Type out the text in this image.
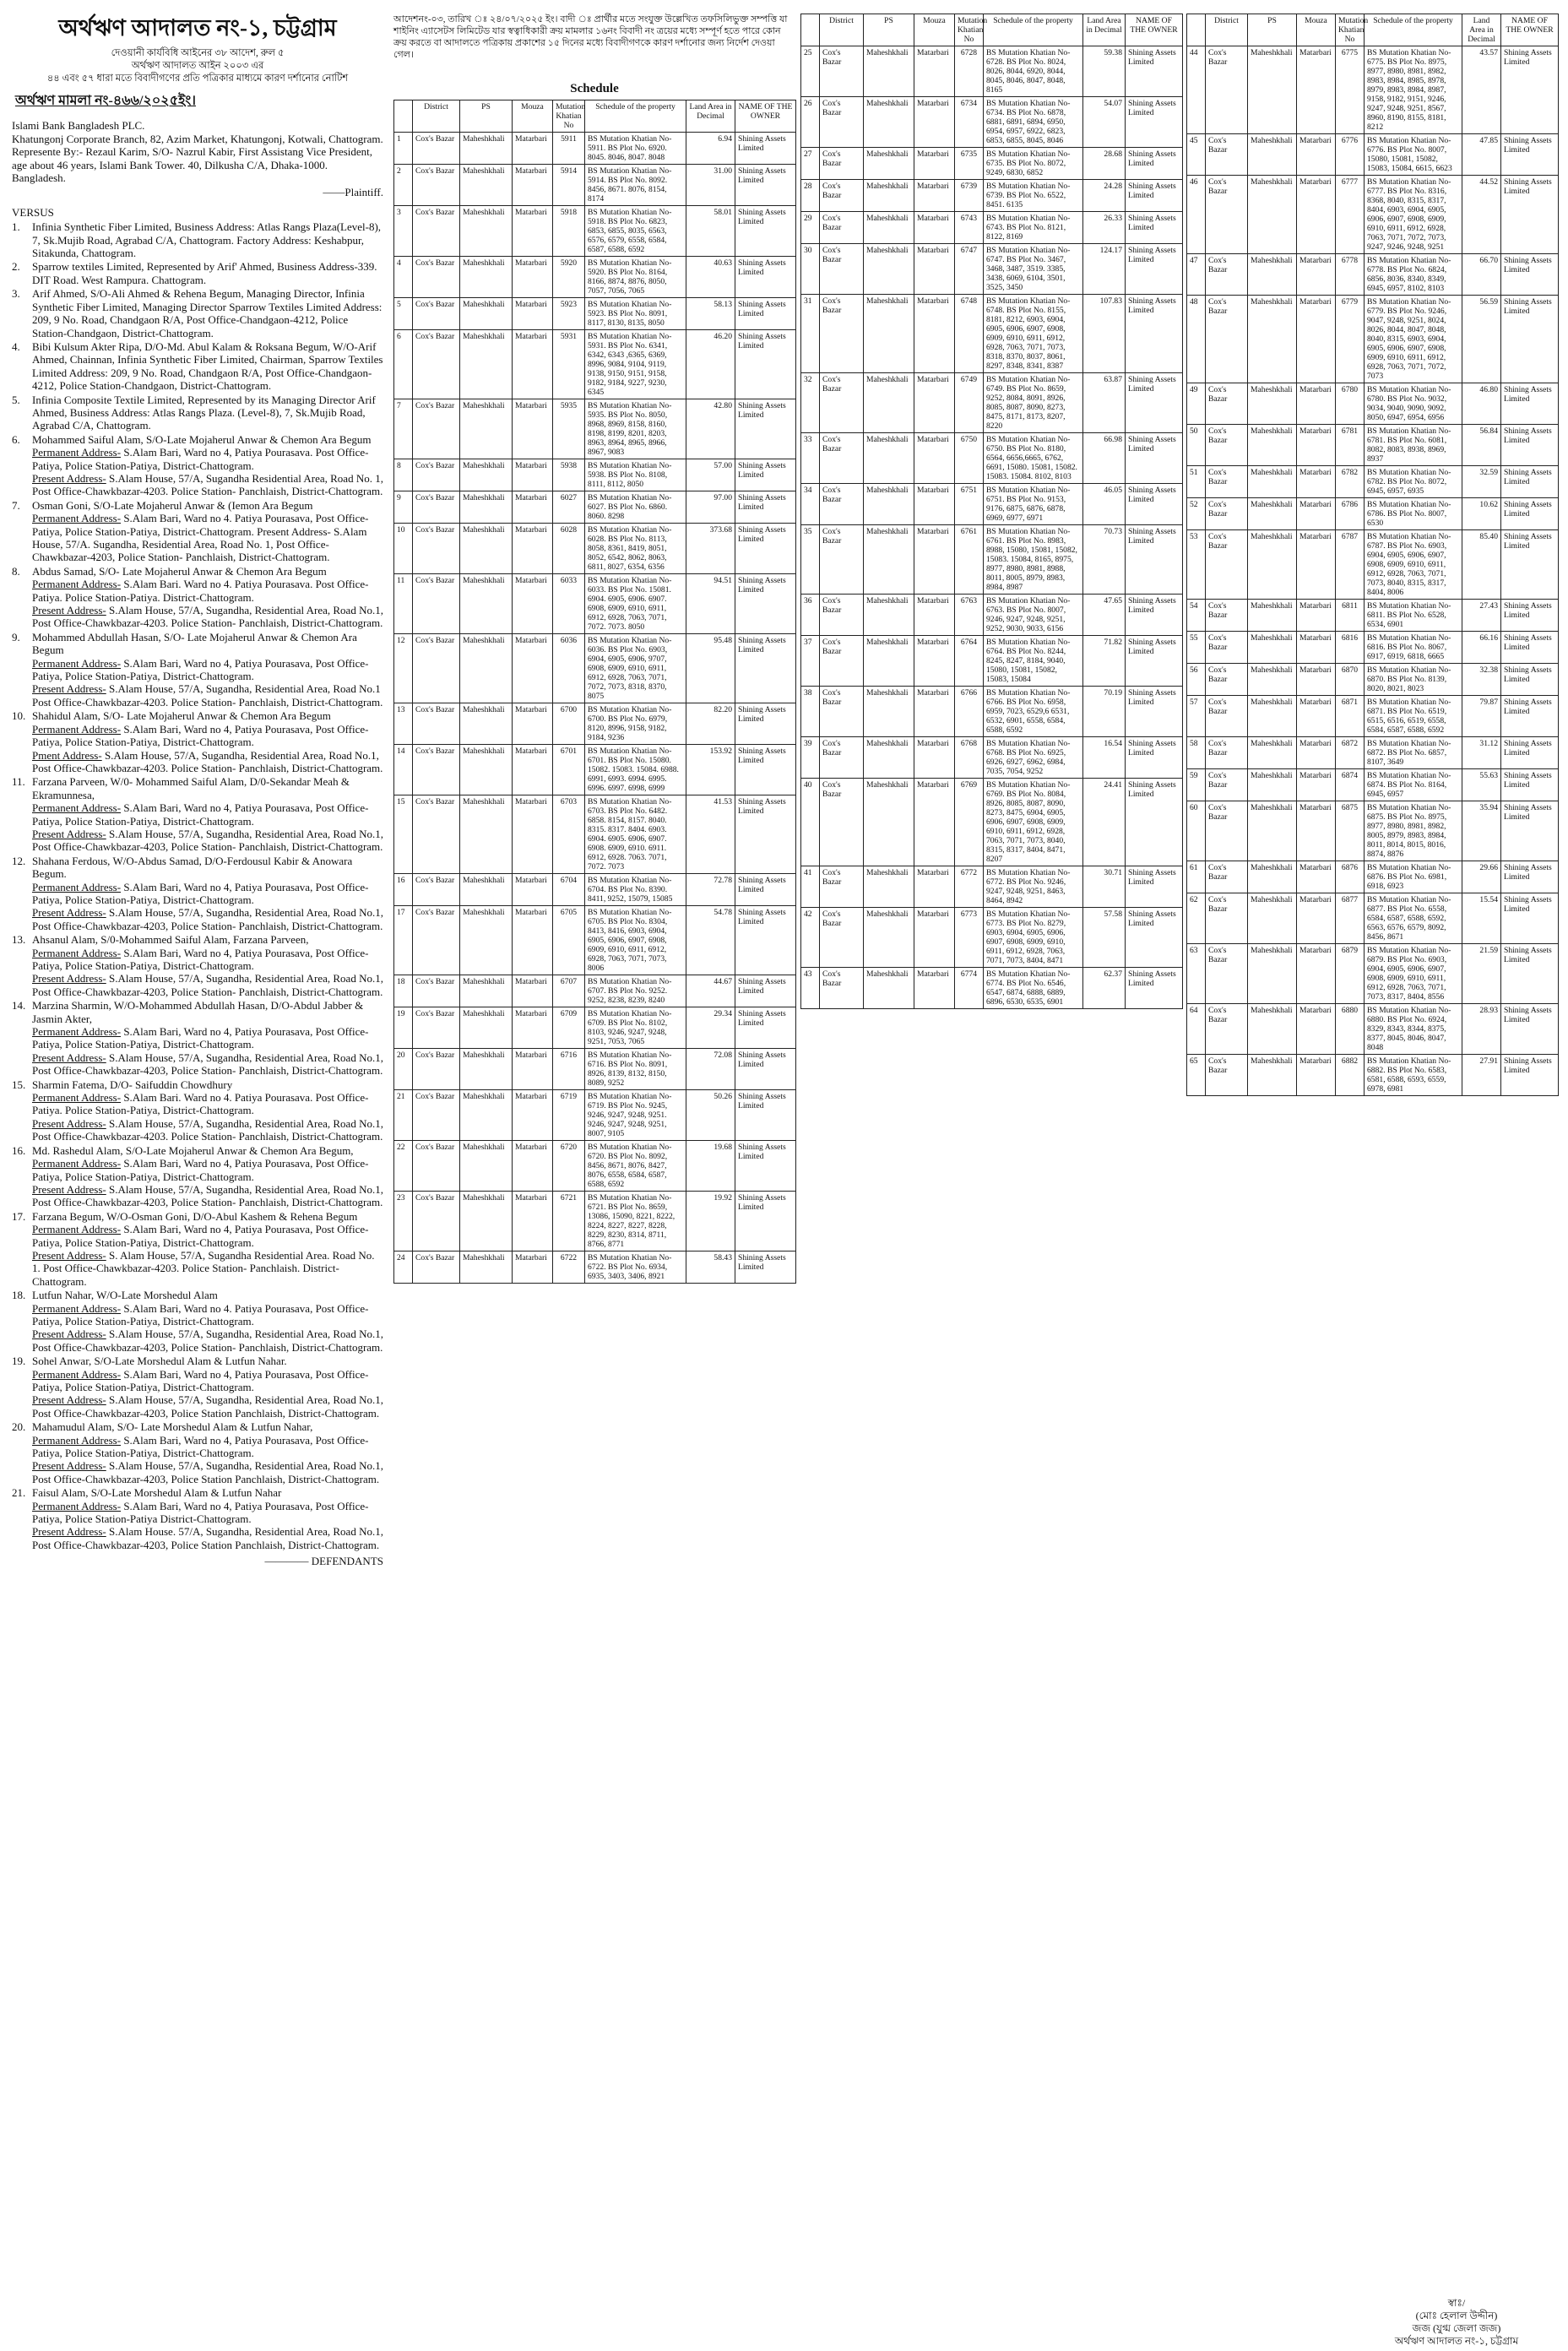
অর্থঋণ আদালত নং-১, চট্টগ্রাম
দেওয়ানী কার্যবিধি আইনের ৩৮ আদেশ, রুল ৫
অর্থঋণ আদালত আইন ২০০৩ এর
৪৪ এবং ৫৭ ধারা মতে বিবাদীগণের প্রতি পত্রিকার মাধ্যমে কারণ দর্শানোর নোটিশ
অর্থঋণ মামলা নং-৪৬৬/২০২৫ইং।

Islami Bank Bangladesh PLC.

Khatungonj Corporate Branch, 82, Azim Market, Khatungonj, Kotwali, Chattogram.

Represente By:- Rezaul Karim, S/O- Nazrul Kabir, First Assistang Vice President, age about 46 years, Islami Bank Tower. 40, Dilkusha C/A, Dhaka-1000. Bangladesh.

——Plaintiff.
VERSUS
1.	Infinia Synthetic Fiber Limited, Business Address: Atlas Rangs Plaza(Level-8), 7, Sk.Mujib Road, Agrabad C/A, Chattogram. Factory Address: Keshabpur, Sitakunda, Chattogram.
2.	Sparrow textiles Limited, Represented by Arif' Ahmed, Business Address-339. DIT Road. West Rampura. Chattogram.
3.	Arif Ahmed, S/O-Ali Ahmed & Rehena Begum, Managing Director, Infinia Synthetic Fiber Limited, Managing Director Sparrow Textiles Limited Address: 209, 9 No. Road, Chandgaon R/A, Post Office-Chandgaon-4212, Police Station-Chandgaon, District-Chattogram.
4.	Bibi Kulsum Akter Ripa, D/O-Md. Abul Kalam & Roksana Begum, W/O-Arif Ahmed, Chainnan, Infinia Synthetic Fiber Limited, Chairman, Sparrow Textiles Limited Address: 209, 9 No. Road, Chandgaon R/A, Post Office-Chandgaon-4212, Police Station-Chandgaon, District-Chattogram.
5.	Infinia Composite Textile Limited, Represented by its Managing Director Arif Ahmed, Business Address: Atlas Rangs Plaza. (Level-8), 7, Sk.Mujib Road, Agrabad C/A, Chattogram.
6.	Mohammed Saiful Alam, S/O-Late Mojaherul Anwar & Chemon Ara Begum
Permanent Address- S.Alam Bari, Ward no 4, Patiya Pourasava. Post Office-Patiya, Police Station-Patiya, District-Chattogram.
Present Address- S.Alam House, 57/A, Sugandha Residential Area, Road No. 1, Post Office-Chawkbazar-4203. Police Station- Panchlaish, District-Chattogram.
7.	Osman Goni, S/O-Late Mojaherul Anwar & (Iemon Ara Begum
Permanent Address- S.Alam Bari, Ward no 4. Patiya Pourasava, Post Office-Patiya, Police Station-Patiya, District-Chattogram. Present Address- S.Alam House, 57/A. Sugandha, Residential Area, Road No. 1, Post Office-Chawkbazar-4203, Police Station- Panchlaish, District-Chattogram.
8.	Abdus Samad, S/O- Late Mojaherul Anwar & Chemon Ara Begum
Permanent Address- S.Alam Bari. Ward no 4. Patiya Pourasava. Post Office-Patiya. Police Station-Patiya. District-Chattogram.
Present Address- S.Alam House, 57/A, Sugandha, Residential Area, Road No.1, Post Office-Chawkbazar-4203. Police Station- Panchlaish, District-Chattogram.
9.	Mohammed Abdullah Hasan, S/O- Late Mojaherul Anwar & Chemon Ara Begum
Permanent Address- S.Alam Bari, Ward no 4, Patiya Pourasava, Post Office-Patiya, Police Station-Patiya, District-Chattogram.
Present Address- S.Alam House, 57/A, Sugandha, Residential Area, Road No.1 Post Office-Chawkbazar-4203. Police Station- Panchlaish, District-Chattogram.
10. Shahidul Alam, S/O- Late Mojaherul Anwar & Chemon Ara Begum
Permanent Address- S.Alam Bari, Ward no 4, Patiya Pourasava, Post Office-Patiya, Police Station-Patiya, District-Chattogram.
Pment Address- S.Alam House, 57/A, Sugandha, Residential Area, Road No.1, Post Office-Chawkbazar-4203. Police Station- Panchlaish, District-Chattogram.
11. Farzana Parveen, W/0- Mohammed Saiful Alam, D/0-Sekandar Meah & Ekramunnesa,
Permanent Address- S.Alam Bari, Ward no 4, Patiya Pourasava, Post Office-Patiya, Police Station-Patiya, District-Chattogram.
Present Address- S.Alam House, 57/A, Sugandha, Residential Area, Road No.1, Post Office-Chawkbazar-4203, Police Station- Panchlaish, District-Chattogram.
12. Shahana Ferdous, W/O-Abdus Samad, D/O-Ferdousul Kabir & Anowara Begum.
Permanent Address- S.Alam Bari, Ward no 4, Patiya Pourasava, Post Office-Patiya, Police Station-Patiya, District-Chattogram.
Present Address- S.Alam House, 57/A, Sugandha, Residential Area, Road No.1, Post Office-Chawkbazar-4203, Police Station- Panchlaish, District-Chattogram.
13. Ahsanul Alam, S/0-Mohammed Saiful Alam, Farzana Parveen,
Permanent Address- S.Alam Bari, Ward no 4, Patiya Pourasava, Post Office-Patiya, Police Station-Patiya, District-Chattogram.
Present Address- S.Alam House, 57/A, Sugandha, Residential Area, Road No.1, Post Office-Chawkbazar-4203, Police Station- Panchlaish, District-Chattogram.
14. Marzina Sharmin, W/O-Mohammed Abdullah Hasan, D/O-Abdul Jabber & Jasmin Akter,
Permanent Address- S.Alam Bari, Ward no 4, Patiya Pourasava, Post Office-Patiya, Police Station-Patiya, District-Chattogram.
Present Address- S.Alam House, 57/A, Sugandha, Residential Area, Road No.1, Post Office-Chawkbazar-4203, Police Station- Panchlaish, District-Chattogram.
15. Sharmin Fatema, D/O- Saifuddin Chowdhury
Permanent Address- S.Alam Bari. Ward no 4. Patiya Pourasava. Post Office-Patiya. Police Station-Patiya, District-Chattogram.
Present Address- S.Alam House, 57/A, Sugandha, Residential Area, Road No.1, Post Office-Chawkbazar-4203. Police Station- Panchlaish, District-Chattogram.
16. Md. Rashedul Alam, S/O-Late Mojaherul Anwar & Chemon Ara Begum,
Permanent Address- S.Alam Bari, Ward no 4, Patiya Pourasava, Post Office-Patiya, Police Station-Patiya, District-Chattogram.
Present Address- S.Alam House, 57/A, Sugandha, Residential Area, Road No.1, Post Office-Chawkbazar-4203, Police Station- Panchlaish, District-Chattogram.
17. Farzana Begum, W/O-Osman Goni, D/O-Abul Kashem & Rehena Begum
Permanent Address- S.Alam Bari, Ward no 4, Patiya Pourasava, Post Office-Patiya, Police Station-Patiya, District-Chattogram.
Present Address- S. Alam House, 57/A, Sugandha Residential Area. Road No. 1. Post Office-Chawkbazar-4203. Police Station- Panchlaish. District-Chattogram.
18. Lutfun Nahar, W/O-Late Morshedul Alam
Permanent Address- S.Alam Bari, Ward no 4. Patiya Pourasava, Post Office-Patiya, Police Station-Patiya, District-Chattogram.
Present Address- S.Alam House, 57/A, Sugandha, Residential Area, Road No.1, Post Office-Chawkbazar-4203, Police Station- Panchlaish, District-Chattogram.
19. Sohel Anwar, S/O-Late Morshedul Alam & Lutfun Nahar.
Permanent Address- S.Alam Bari, Ward no 4, Patiya Pourasava, Post Office-Patiya, Police Station-Patiya, District-Chattogram.
Present Address- S.Alam House, 57/A, Sugandha, Residential Area, Road No.1, Post Office-Chawkbazar-4203, Police Station Panchlaish, District-Chattogram.
20. Mahamudul Alam, S/O- Late Morshedul Alam & Lutfun Nahar,
Permanent Address- S.Alam Bari, Ward no 4, Patiya Pourasava, Post Office-Patiya, Police Station-Patiya, District-Chattogram.
Present Address- S.Alam House, 57/A, Sugandha, Residential Area, Road No.1, Post Office-Chawkbazar-4203, Police Station Panchlaish, District-Chattogram.
21. Faisul Alam, S/O-Late Morshedul Alam & Lutfun Nahar
Permanent Address- S.Alam Bari, Ward no 4, Patiya Pourasava, Post Office-Patiya, Police Station-Patiya District-Chattogram.
Present Address- S.Alam House. 57/A, Sugandha, Residential Area, Road No.1, Post Office-Chawkbazar-4203, Police Station Panchlaish, District-Chattogram.
———— DEFENDANTS
আদেশনং-০৩, তারিখ ঃ ২৪/০৭/২০২৫ ইং। বাদী ঃ প্রার্থীর মতে সংযুক্ত উল্লেখিত তফসিলিভুক্ত সম্পত্তি যা শাইনিং এ্যাসেটস লিমিটেড যার স্বত্বাধিকারী ক্রয় মামলার ১৬নং বিবাদী নং ত্রয়ের মধ্যে সম্পূর্ণ হতে পারে কোন ক্রয় করতে বা আদালতে পত্রিকায় প্রকাশের ১৫ দিনের মধ্যে বিবাদীগণকে কারণ দর্শানোর জন্য নির্দেশ দেওয়া গেল।
Schedule
	District	PS	Mouza	Mutation Khatian No	Schedule of the property	Land Area in Decimal	NAME OF THE OWNER
1	Cox's Bazar	Maheshkhali	Matarbari	5911	BS Mutation Khatian No-5911. BS Plot No. 6920. 8045. 8046, 8047. 8048	6.94	Shining Assets Limited
2	Cox's Bazar	Maheshkhali	Matarbari	5914	BS Mutation Khatian No-5914. BS Plot No. 8092. 8456, 8671. 8076, 8154, 8174	31.00	Shining Assets Limited
3	Cox's Bazar	Maheshkhali	Matarbari	5918	BS Mutation Khatian No-5918. BS Plot No. 6823, 6853, 6855, 8035, 6563, 6576, 6579, 6558, 6584, 6587, 6588, 6592	58.01	Shining Assets Limited
4	Cox's Bazar	Maheshkhali	Matarbari	5920	BS Mutation Khatian No-5920. BS Plot No. 8164, 8166, 8874, 8876, 8050, 7057, 7056, 7065	40.63	Shining Assets Limited
5	Cox's Bazar	Maheshkhali	Matarbari	5923	BS Mutation Khatian No-5923. BS Plot No. 8091, 8117, 8130, 8135, 8050	58.13	Shining Assets Limited
6	Cox's Bazar	Maheshkhali	Matarbari	5931	BS Mutation Khatian No-5931. BS Plot No. 6341, 6342, 6343 ,6365, 6369, 8996, 9084, 9104, 9119, 9138, 9150, 9151, 9158, 9182, 9184, 9227, 9230, 6345	46.20	Shining Assets Limited
7	Cox's Bazar	Maheshkhali	Matarbari	5935	BS Mutation Khatian No-5935. BS Plot No. 8050, 8968, 8969, 8158, 8160, 8198, 8199, 8201, 8203, 8963, 8964, 8965, 8966, 8967, 9083	42.80	Shining Assets Limited
8	Cox's Bazar	Maheshkhali	Matarbari	5938	BS Mutation Khatian No-5938. BS Plot No. 8108, 8111, 8112, 8050	57.00	Shining Assets Limited
9	Cox's Bazar	Maheshkhali	Matarbari	6027	BS Mutation Khatian No-6027. BS Plot No. 6860. 8060. 8298	97.00	Shining Assets Limited
10	Cox's Bazar	Maheshkhali	Matarbari	6028	BS Mutation Khatian No-6028. BS Plot No. 8113, 8058, 8361, 8419, 8051, 8052, 6542, 8062, 8063, 6811, 8027, 6354, 6356	373.68	Shining Assets Limited
11	Cox's Bazar	Maheshkhali	Matarbari	6033	BS Mutation Khatian No-6033. BS Plot No. 15081. 6904. 6905, 6906. 6907. 6908, 6909, 6910, 6911, 6912, 6928, 7063, 7071, 7072. 7073. 8050	94.51	Shining Assets Limited
12	Cox's Bazar	Maheshkhali	Matarbari	6036	BS Mutation Khatian No-6036. BS Plot No. 6903, 6904, 6905, 6906, 9707, 6908, 6909, 6910, 6911, 6912, 6928, 7063, 7071, 7072, 7073, 8318, 8370, 8075	95.48	Shining Assets Limited
13	Cox's Bazar	Maheshkhali	Matarbari	6700	BS Mutation Khatian No-6700. BS Plot No. 6979, 8120, 8996, 9158, 9182, 9184, 9236	82.20	Shining Assets Limited
14	Cox's Bazar	Maheshkhali	Matarbari	6701	BS Mutation Khatian No-6701. BS Plot No. 15080. 15082. 15083. 15084. 6988. 6991, 6993. 6994. 6995. 6996. 6997. 6998, 6999	153.92	Shining Assets Limited
15	Cox's Bazar	Maheshkhali	Matarbari	6703	BS Mutation Khatian No-6703. BS Plot No. 6482. 6858. 8154, 8157. 8040. 8315. 8317. 8404. 6903. 6904. 6905. 6906, 6907. 6908. 6909, 6910. 6911. 6912, 6928. 7063. 7071, 7072. 7073	41.53	Shining Assets Limited
16	Cox's Bazar	Maheshkhali	Matarbari	6704	BS Mutation Khatian No-6704. BS Plot No. 8390. 8411, 9252, 15079, 15085	72.78	Shining Assets Limited
17	Cox's Bazar	Maheshkhali	Matarbari	6705	BS Mutation Khatian No-6705. BS Plot No. 8304, 8413, 8416, 6903, 6904, 6905, 6906, 6907, 6908, 6909, 6910, 6911, 6912, 6928, 7063, 7071, 7073, 8006	54.78	Shining Assets Limited
18	Cox's Bazar	Maheshkhali	Matarbari	6707	BS Mutation Khatian No-6707. BS Plot No. 9252. 9252, 8238, 8239, 8240	44.67	Shining Assets Limited
19	Cox's Bazar	Maheshkhali	Matarbari	6709	BS Mutation Khatian No-6709. BS Plot No. 8102, 8103, 9246, 9247, 9248, 9251, 7053, 7065	29.34	Shining Assets Limited
20	Cox's Bazar	Maheshkhali	Matarbari	6716	BS Mutation Khatian No-6716. BS Plot No. 8091, 8926, 8139, 8132, 8150, 8089, 9252	72.08	Shining Assets Limited
21	Cox's Bazar	Maheshkhali	Matarbari	6719	BS Mutation Khatian No-6719. BS Plot No. 9245, 9246, 9247, 9248, 9251. 9246, 9247, 9248, 9251, 8007, 9105	50.26	Shining Assets Limited
22	Cox's Bazar	Maheshkhali	Matarbari	6720	BS Mutation Khatian No-6720. BS Plot No. 8092, 8456, 8671, 8076, 8427, 8076, 6558, 6584, 6587, 6588, 6592	19.68	Shining Assets Limited
23	Cox's Bazar	Maheshkhali	Matarbari	6721	BS Mutation Khatian No-6721. BS Plot No. 8659, 13086, 15090, 8221, 8222, 8224, 8227, 8227, 8228, 8229, 8230, 8314, 8711, 8766, 8771	19.92	Shining Assets Limited
24	Cox's Bazar	Maheshkhali	Matarbari	6722	BS Mutation Khatian No-6722. BS Plot No. 6934, 6935, 3403, 3406, 8921	58.43	Shining Assets Limited
	District	PS	Mouza	Mutation Khatian No	Schedule of the property	Land Area in Decimal	NAME OF THE OWNER
25	Cox's Bazar	Maheshkhali	Matarbari	6728	BS Mutation Khatian No-6728. BS Plot No. 8024, 8026, 8044, 6920, 8044, 8045, 8046, 8047, 8048, 8165	59.38	Shining Assets Limited
26	Cox's Bazar	Maheshkhali	Matarbari	6734	BS Mutation Khatian No-6734. BS Plot No. 6878, 6881, 6891, 6894, 6950, 6954, 6957, 6922, 6823, 6853, 6855, 8045, 8046	54.07	Shining Assets Limited
27	Cox's Bazar	Maheshkhali	Matarbari	6735	BS Mutation Khatian No-6735. BS Plot No. 8072, 9249, 6830, 6852	28.68	Shining Assets Limited
28	Cox's Bazar	Maheshkhali	Matarbari	6739	BS Mutation Khatian No-6739. BS Plot No. 6522, 8451. 6135	24.28	Shining Assets Limited
29	Cox's Bazar	Maheshkhali	Matarbari	6743	BS Mutation Khatian No-6743. BS Plot No. 8121, 8122, 8169	26.33	Shining Assets Limited
30	Cox's Bazar	Maheshkhali	Matarbari	6747	BS Mutation Khatian No-6747. BS Plot No. 3467, 3468, 3487, 3519. 3385, 3438, 6069, 6104, 3501, 3525, 3450	124.17	Shining Assets Limited
31	Cox's Bazar	Maheshkhali	Matarbari	6748	BS Mutation Khatian No-6748. BS Plot No. 8155, 8181, 8212, 6903, 6904, 6905, 6906, 6907, 6908, 6909, 6910, 6911, 6912, 6928, 7063, 7071, 7073, 8318, 8370, 8037, 8061, 8297, 8348, 8341, 8387	107.83	Shining Assets Limited
32	Cox's Bazar	Maheshkhali	Matarbari	6749	BS Mutation Khatian No-6749. BS Plot No. 8659, 9252, 8084, 8091, 8926, 8085, 8087, 8090, 8273, 8475, 8171, 8173, 8207, 8220	63.87	Shining Assets Limited
33	Cox's Bazar	Maheshkhali	Matarbari	6750	BS Mutation Khatian No-6750. BS Plot No. 8180, 6564, 6656,6665, 6762, 6691, 15080. 15081, 15082. 15083. 15084. 8102, 8103	66.98	Shining Assets Limited
34	Cox's Bazar	Maheshkhali	Matarbari	6751	BS Mutation Khatian No-6751. BS Plot No. 9153, 9176, 6875, 6876, 6878, 6969, 6977, 6971	46.05	Shining Assets Limited
35	Cox's Bazar	Maheshkhali	Matarbari	6761	BS Mutation Khatian No-6761. BS Plot No. 8983, 8988, 15080, 15081, 15082, 15083. 15084, 8165, 8975, 8977, 8980, 8981, 8988, 8011, 8005, 8979, 8983, 8984, 8987	70.73	Shining Assets Limited
36	Cox's Bazar	Maheshkhali	Matarbari	6763	BS Mutation Khatian No-6763. BS Plot No. 8007, 9246, 9247, 9248, 9251, 9252, 9030, 9033, 6156	47.65	Shining Assets Limited
37	Cox's Bazar	Maheshkhali	Matarbari	6764	BS Mutation Khatian No-6764. BS Plot No. 8244, 8245, 8247, 8184, 9040, 15080, 15081, 15082, 15083, 15084	71.82	Shining Assets Limited
38	Cox's Bazar	Maheshkhali	Matarbari	6766	BS Mutation Khatian No-6766. BS Plot No. 6958, 6959, 7023, 6529,6 6531, 6532, 6901, 6558, 6584, 6588, 6592	70.19	Shining Assets Limited
39	Cox's Bazar	Maheshkhali	Matarbari	6768	BS Mutation Khatian No-6768. BS Plot No. 6925, 6926, 6927, 6962, 6984, 7035, 7054, 9252	16.54	Shining Assets Limited
40	Cox's Bazar	Maheshkhali	Matarbari	6769	BS Mutation Khatian No-6769. BS Plot No. 8084, 8926, 8085, 8087, 8090, 8273, 8475, 6904, 6905, 6906, 6907, 6908, 6909, 6910, 6911, 6912, 6928, 7063, 7071, 7073, 8040, 8315, 8317, 8404, 8471, 8207	24.41	Shining Assets Limited
41	Cox's Bazar	Maheshkhali	Matarbari	6772	BS Mutation Khatian No-6772. BS Plot No. 9246, 9247, 9248, 9251, 8463, 8464, 8942	30.71	Shining Assets Limited
42	Cox's Bazar	Maheshkhali	Matarbari	6773	BS Mutation Khatian No-6773. BS Plot No. 8279, 6903, 6904, 6905, 6906, 6907, 6908, 6909, 6910, 6911, 6912, 6928, 7063, 7071, 7073, 8404, 8471	57.58	Shining Assets Limited
43	Cox's Bazar	Maheshkhali	Matarbari	6774	BS Mutation Khatian No-6774. BS Plot No. 6546, 6547, 6874, 6888, 6889, 6896, 6530, 6535, 6901	62.37	Shining Assets Limited
	District	PS	Mouza	Mutation Khatian No	Schedule of the property	Land Area in Decimal	NAME OF THE OWNER
44	Cox's Bazar	Maheshkhali	Matarbari	6775	BS Mutation Khatian No-6775. BS Plot No. 8975, 8977, 8980, 8981, 8982, 8983, 8984, 8985, 8978, 8979, 8983, 8984, 8987, 9158, 9182, 9151, 9246, 9247, 9248, 9251, 8567, 8960, 8190, 8155, 8181, 8212	43.57	Shining Assets Limited
45	Cox's Bazar	Maheshkhali	Matarbari	6776	BS Mutation Khatian No-6776. BS Plot No. 8007, 15080, 15081, 15082, 15083, 15084, 6615, 6623	47.85	Shining Assets Limited
46	Cox's Bazar	Maheshkhali	Matarbari	6777	BS Mutation Khatian No-6777. BS Plot No. 8316, 8368, 8040, 8315, 8317, 8404, 6903, 6904, 6905, 6906, 6907, 6908, 6909, 6910, 6911, 6912, 6928, 7063, 7071, 7072, 7073, 9247, 9246, 9248, 9251	44.52	Shining Assets Limited
47	Cox's Bazar	Maheshkhali	Matarbari	6778	BS Mutation Khatian No-6778. BS Plot No. 6824, 6856, 8036, 8340, 8349, 6945, 6957, 8102, 8103	66.70	Shining Assets Limited
48	Cox's Bazar	Maheshkhali	Matarbari	6779	BS Mutation Khatian No-6779. BS Plot No. 9246, 9047, 9248, 9251, 8024, 8026, 8044, 8047, 8048, 8040, 8315, 6903, 6904, 6905, 6906, 6907, 6908, 6909, 6910, 6911, 6912, 6928, 7063, 7071, 7072, 7073	56.59	Shining Assets Limited
49	Cox's Bazar	Maheshkhali	Matarbari	6780	BS Mutation Khatian No-6780. BS Plot No. 9032, 9034, 9040, 9090, 9092, 8050, 6947, 6954, 6956	46.80	Shining Assets Limited
50	Cox's Bazar	Maheshkhali	Matarbari	6781	BS Mutation Khatian No-6781. BS Plot No. 6081, 8082, 8083, 8938, 8969, 8937	56.84	Shining Assets Limited
51	Cox's Bazar	Maheshkhali	Matarbari	6782	BS Mutation Khatian No-6782. BS Plot No. 8072, 6945, 6957, 6935	32.59	Shining Assets Limited
52	Cox's Bazar	Maheshkhali	Matarbari	6786	BS Mutation Khatian No-6786. BS Plot No. 8007, 6530	10.62	Shining Assets Limited
53	Cox's Bazar	Maheshkhali	Matarbari	6787	BS Mutation Khatian No-6787. BS Plot No. 6903, 6904, 6905, 6906, 6907, 6908, 6909, 6910, 6911, 6912, 6928, 7063, 7071, 7073, 8040, 8315, 8317, 8404, 8006	85.40	Shining Assets Limited
54	Cox's Bazar	Maheshkhali	Matarbari	6811	BS Mutation Khatian No-6811. BS Plot No. 6528, 6534, 6901	27.43	Shining Assets Limited
55	Cox's Bazar	Maheshkhali	Matarbari	6816	BS Mutation Khatian No-6816. BS Plot No. 8067, 6917, 6919, 6818, 6665	66.16	Shining Assets Limited
56	Cox's Bazar	Maheshkhali	Matarbari	6870	BS Mutation Khatian No-6870. BS Plot No. 8139, 8020, 8021, 8023	32.38	Shining Assets Limited
57	Cox's Bazar	Maheshkhali	Matarbari	6871	BS Mutation Khatian No-6871. BS Plot No. 6519, 6515, 6516, 6519, 6558, 6584, 6587, 6588, 6592	79.87	Shining Assets Limited
58	Cox's Bazar	Maheshkhali	Matarbari	6872	BS Mutation Khatian No-6872. BS Plot No. 6857, 8107, 3649	31.12	Shining Assets Limited
59	Cox's Bazar	Maheshkhali	Matarbari	6874	BS Mutation Khatian No-6874. BS Plot No. 8164, 6945, 6957	55.63	Shining Assets Limited
60	Cox's Bazar	Maheshkhali	Matarbari	6875	BS Mutation Khatian No-6875. BS Plot No. 8975, 8977, 8980, 8981, 8982, 8005, 8979, 8983, 8984, 8011, 8014, 8015, 8016, 8874, 8876	35.94	Shining Assets Limited
61	Cox's Bazar	Maheshkhali	Matarbari	6876	BS Mutation Khatian No-6876. BS Plot No. 6981, 6918, 6923	29.66	Shining Assets Limited
62	Cox's Bazar	Maheshkhali	Matarbari	6877	BS Mutation Khatian No-6877. BS Plot No. 6558, 6584, 6587, 6588, 6592, 6563, 6576, 6579, 8092, 8456, 8671	15.54	Shining Assets Limited
63	Cox's Bazar	Maheshkhali	Matarbari	6879	BS Mutation Khatian No-6879. BS Plot No. 6903, 6904, 6905, 6906, 6907, 6908, 6909, 6910, 6911, 6912, 6928, 7063, 7071, 7073, 8317, 8404, 8556	21.59	Shining Assets Limited
64	Cox's Bazar	Maheshkhali	Matarbari	6880	BS Mutation Khatian No-6880. BS Plot No. 6924, 8329, 8343, 8344, 8375, 8377, 8045, 8046, 8047, 8048	28.93	Shining Assets Limited
65	Cox's Bazar	Maheshkhali	Matarbari	6882	BS Mutation Khatian No-6882. BS Plot No. 6583, 6581, 6588, 6593, 6559, 6978, 6981	27.91	Shining Assets Limited
স্বাঃ/
(মোঃ হেলাল উদ্দীন)
জজ (যুগ্ম জেলা জজ)
অর্থঋণ আদালত নং-১, চট্টগ্রাম
